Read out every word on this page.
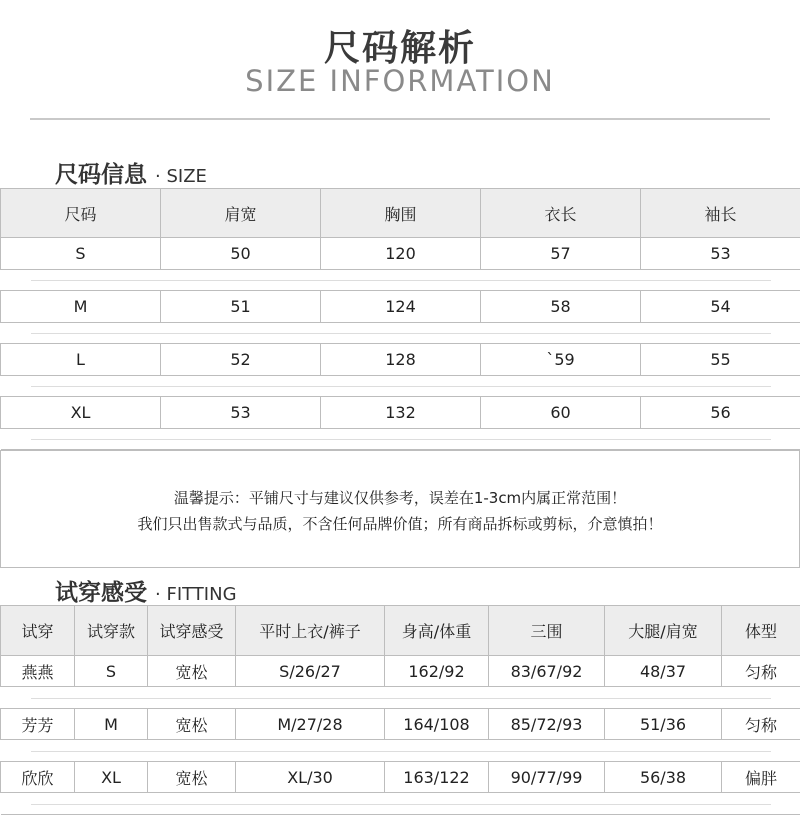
尺码解析
SIZE INFORMATION
尺码信息 · SIZE
尺码	肩宽	胸围	衣长	袖长
S	50	120	57	53

M	51	124	58	54

L	52	128	`59	55

XL	53	132	60	56

温馨提示：平铺尺寸与建议仅供参考，误差在1-3cm内属正常范围！
我们只出售款式与品质，不含任何品牌价值；所有商品拆标或剪标，介意慎拍！
试穿感受 · FITTING
试穿	试穿款	试穿感受	平时上衣/裤子	身高/体重	三围	大腿/肩宽	体型
燕燕	S	宽松	S/26/27	162/92	83/67/92	48/37	匀称

芳芳	M	宽松	M/27/28	164/108	85/72/93	51/36	匀称

欣欣	XL	宽松	XL/30	163/122	90/77/99	56/38	偏胖
